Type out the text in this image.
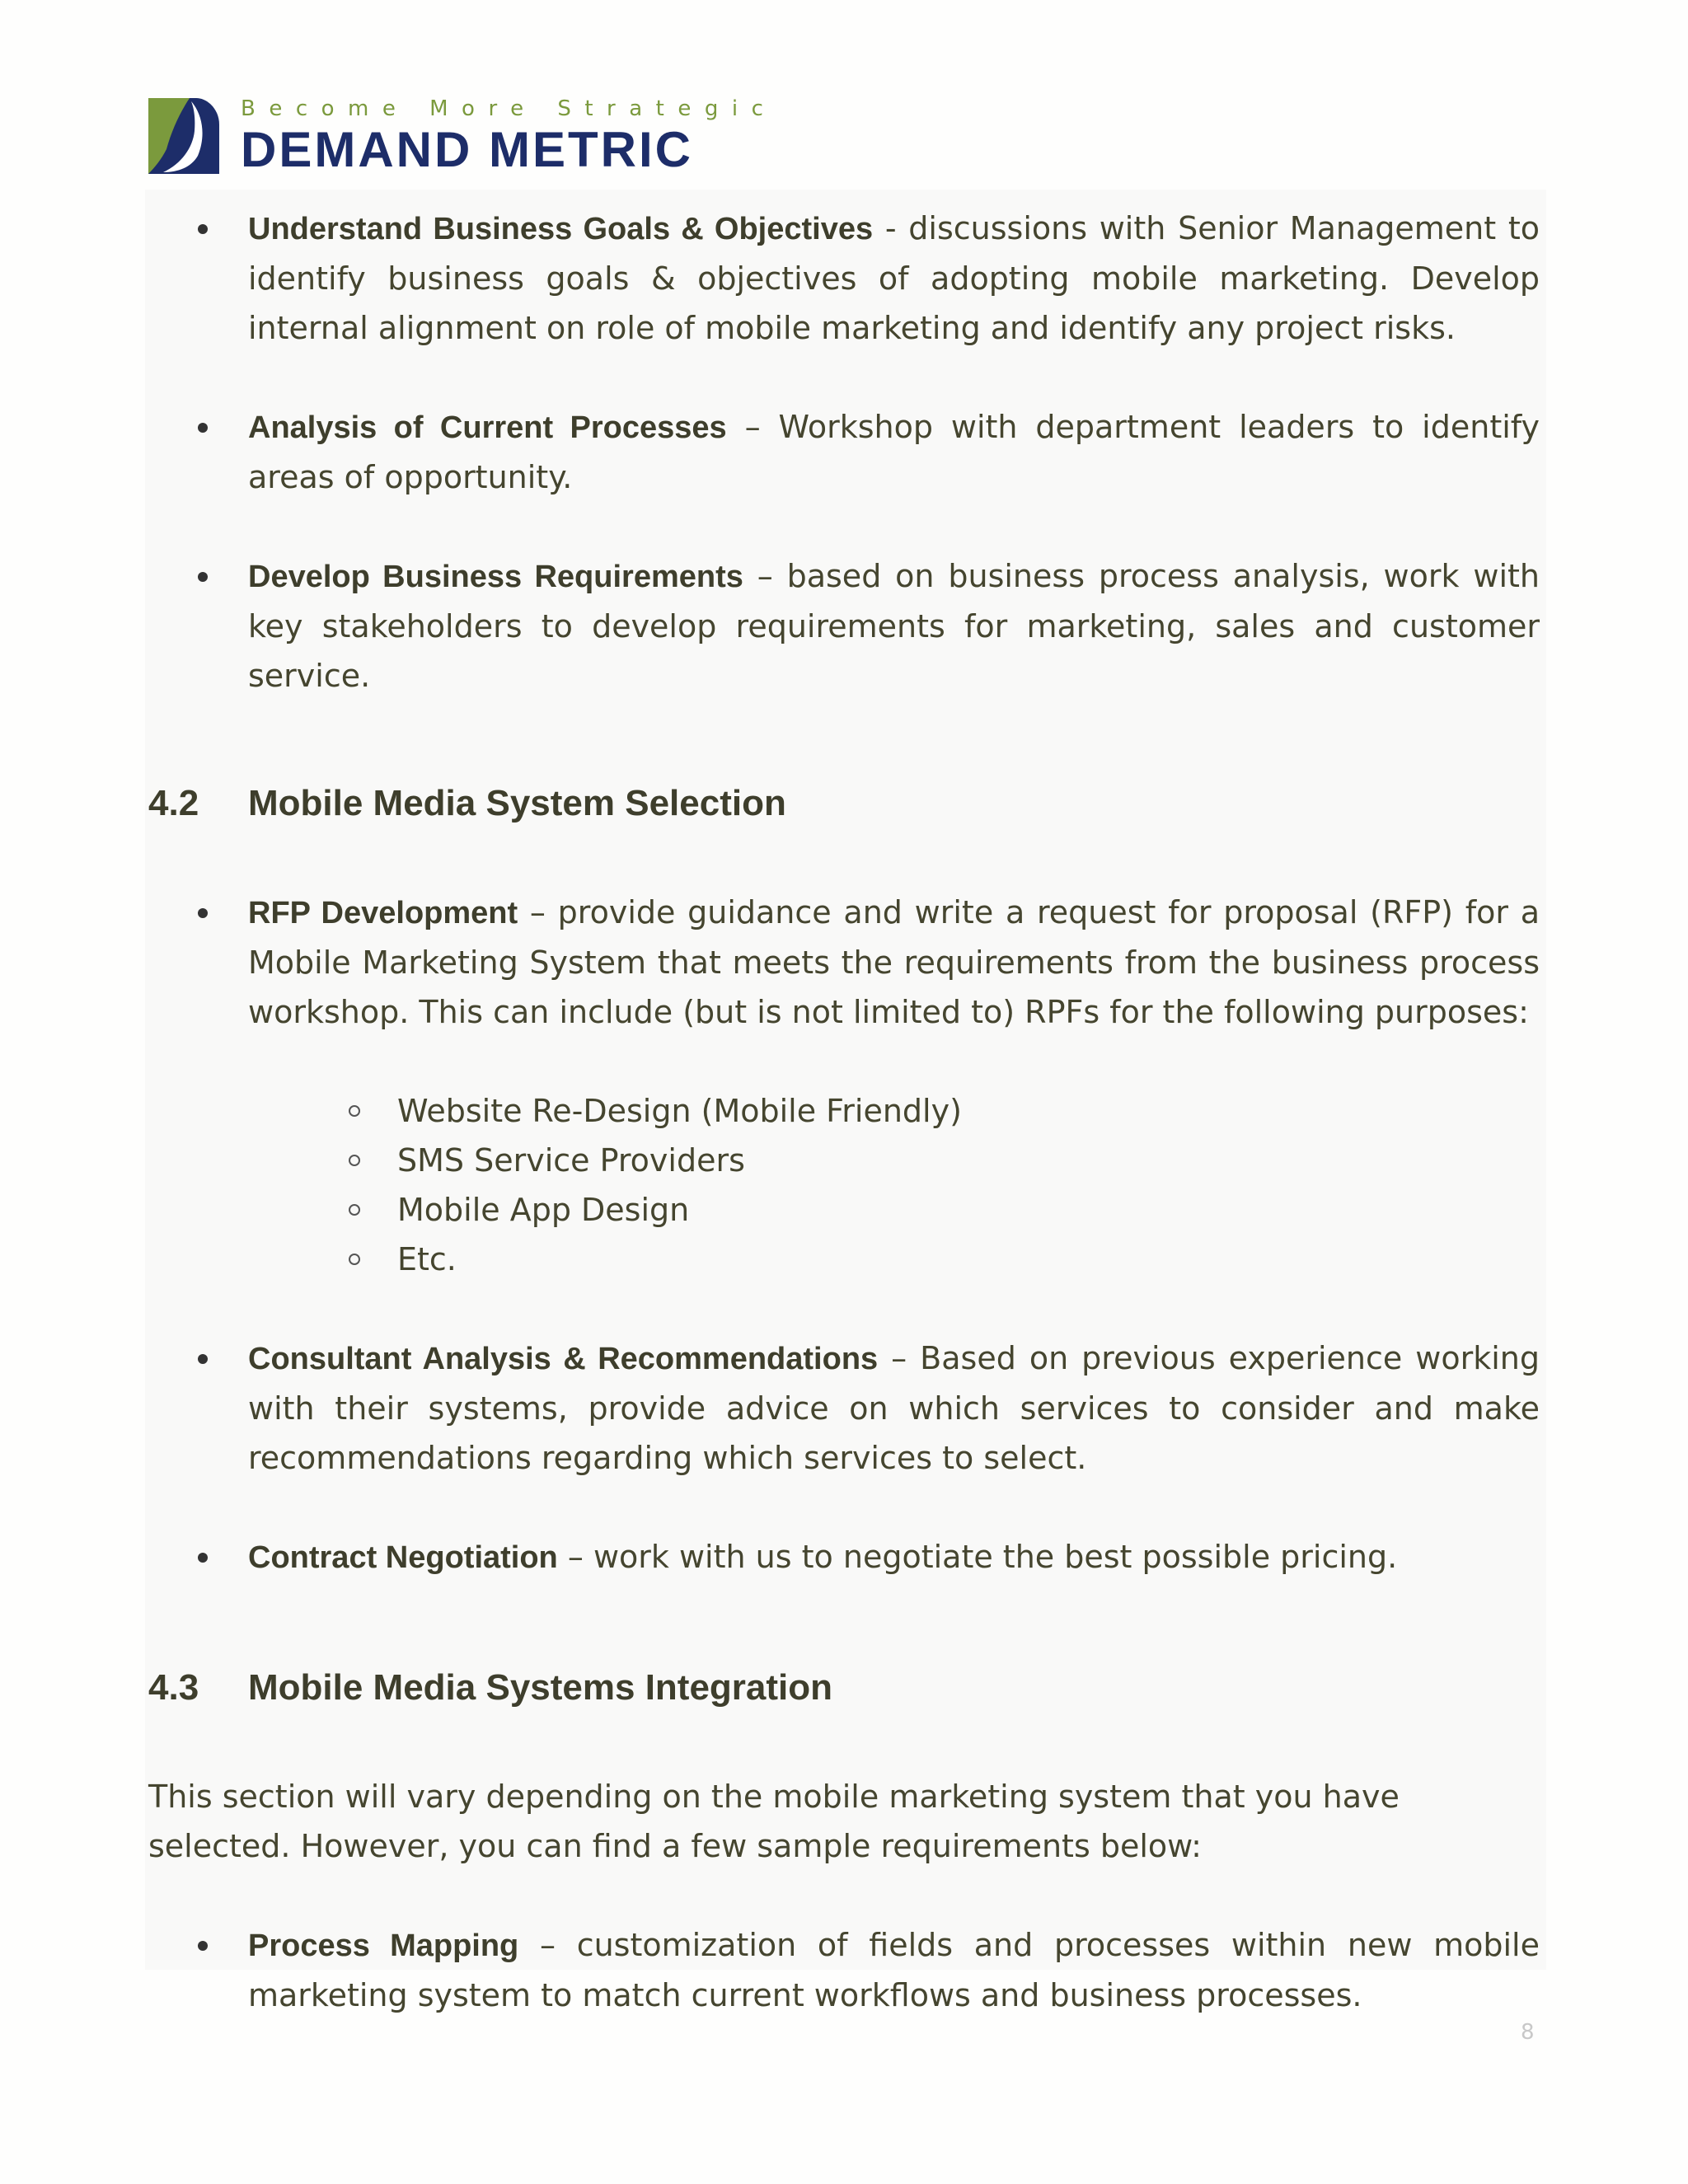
Become More Strategic
DEMAND METRIC

Understand Business Goals & Objectives - discussions with Senior Management to identify business goals & objectives of adopting mobile marketing. Develop internal alignment on role of mobile marketing and identify any project risks.

Analysis of Current Processes – Workshop with department leaders to identify areas of opportunity.

Develop Business Requirements – based on business process analysis, work with key stakeholders to develop requirements for marketing, sales and customer service.

4.2	Mobile Media System Selection

RFP Development – provide guidance and write a request for proposal (RFP) for a Mobile Marketing System that meets the requirements from the business process workshop. This can include (but is not limited to) RPFs for the following purposes:

Website Re-Design (Mobile Friendly)
SMS Service Providers
Mobile App Design
Etc.

Consultant Analysis & Recommendations – Based on previous experience working with their systems, provide advice on which services to consider and make recommendations regarding which services to select.

Contract Negotiation – work with us to negotiate the best possible pricing.

4.3	Mobile Media Systems Integration

This section will vary depending on the mobile marketing system that you have selected. However, you can find a few sample requirements below:

Process Mapping – customization of fields and processes within new mobile marketing system to match current workflows and business processes.

8
